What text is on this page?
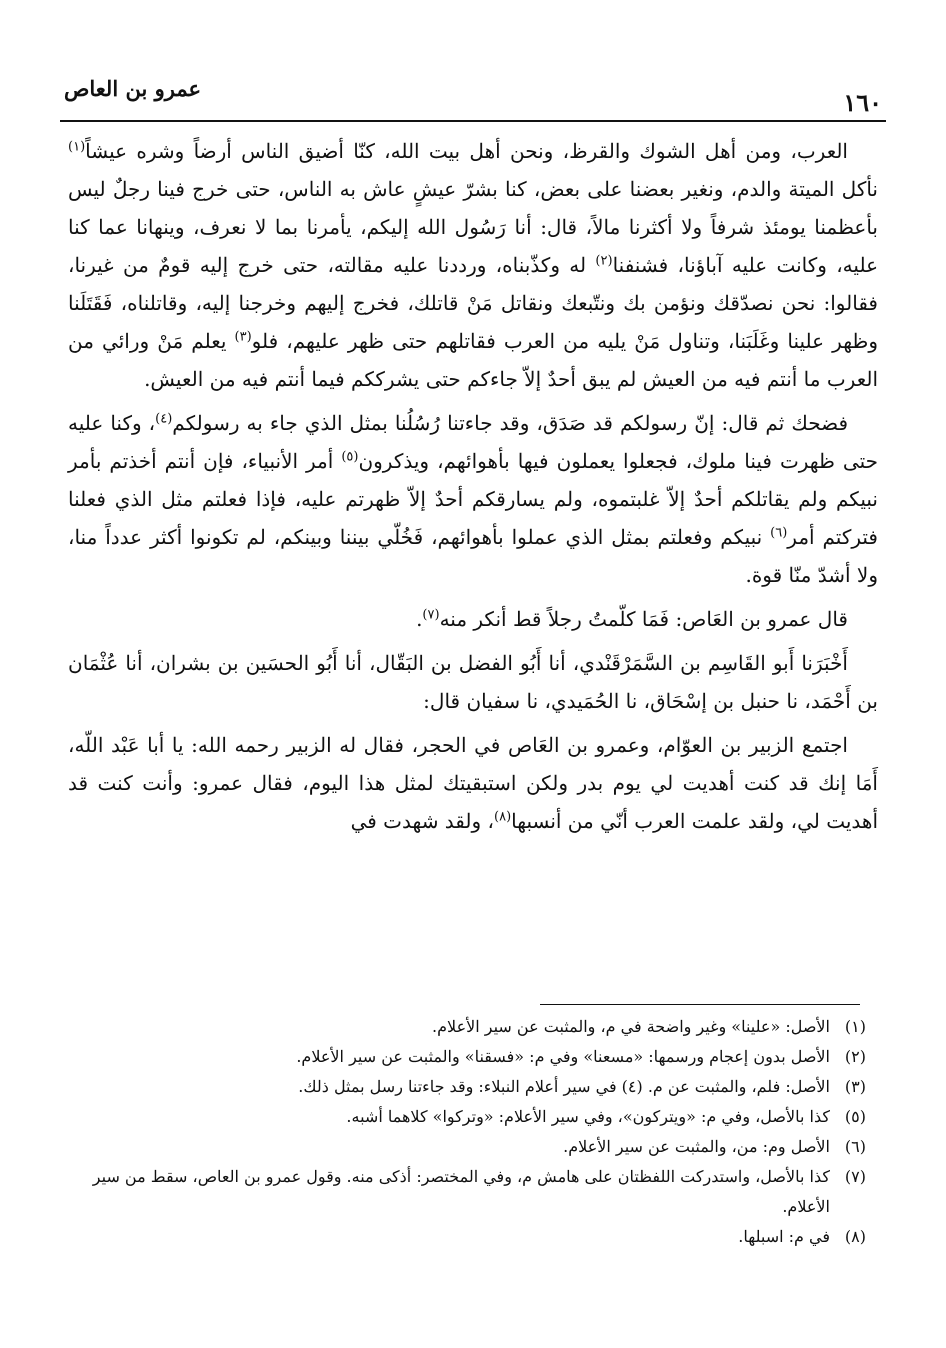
عمرو بن العاص	١٦٠

العرب، ومن أهل الشوك والقرظ، ونحن أهل بيت الله، كنّا أضيق الناس أرضاً وشره عيشاً$^{(١)}$ نأكل الميتة والدم، ونغير بعضنا على بعض، كنا بشرّ عيشٍ عاش به الناس، حتى خرج فينا رجلٌ ليس بأعظمنا يومئذ شرفاً ولا أكثرنا مالاً، قال: أنا رَسُول الله إليكم، يأمرنا بما لا نعرف، وينهانا عما كنا عليه، وكانت عليه آباؤنا، فشنفنا$^{(٢)}$ له وكذّبناه، ورددنا عليه مقالته، حتى خرج إليه قومٌ من غيرنا، فقالوا: نحن نصدّقك ونؤمن بك ونتّبعك ونقاتل مَنْ قاتلك، فخرج إليهم وخرجنا إليه، وقاتلناه، فَقَتَلَنا وظهر علينا وغَلَبَنا، وتناول مَنْ يليه من العرب فقاتلهم حتى ظهر عليهم، فلو$^{(٣)}$ يعلم مَنْ ورائي من العرب ما أنتم فيه من العيش لم يبق أحدٌ إلاّ جاءكم حتى يشرككم فيما أنتم فيه من العيش.

فضحك ثم قال: إنّ رسولكم قد صَدَق، وقد جاءتنا رُسُلُنا بمثل الذي جاء به رسولكم$^{(٤)}$، وكنا عليه حتى ظهرت فينا ملوك، فجعلوا يعملون فيها بأهوائهم، ويذكرون$^{(٥)}$ أمر الأنبياء، فإن أنتم أخذتم بأمر نبيكم ولم يقاتلكم أحدٌ إلاّ غلبتموه، ولم يسارقكم أحدٌ إلاّ ظهرتم عليه، فإذا فعلتم مثل الذي فعلنا فتركتم أمر$^{(٦)}$ نبيكم وفعلتم بمثل الذي عملوا بأهوائهم، فَخُلّي بيننا وبينكم، لم تكونوا أكثر عدداً منا، ولا أشدّ منّا قوة.

قال عمرو بن العَاص: فَمَا كلّمتُ رجلاً قط أنكر منه$^{(٧)}$.

أَخْبَرَنا أَبو القَاسِم بن السَّمَرْقَنْدي، أنا أَبُو الفضل بن البَقّال، أنا أَبُو الحسَين بن بشران، أنا عُثْمَان بن أَحْمَد، نا حنبل بن إسْحَاق، نا الحُمَيدي، نا سفيان قال:

اجتمع الزبير بن العوّام، وعمرو بن العَاص في الحجر، فقال له الزبير رحمه الله: يا أبا عَبْد اللّه، أَمَا إنك قد كنت أهديت لي يوم بدر ولكن استبقيتك لمثل هذا اليوم، فقال عمرو: وأنت كنت قد أهديت لي، ولقد علمت العرب أنّي من أنسبها$^{(٨)}$، ولقد شهدت في

(١)
الأصل: «علينا» وغير واضحة في م، والمثبت عن سير الأعلام.
(٢)
الأصل بدون إعجام ورسمها: «مسعنا» وفي م: «فسقنا» والمثبت عن سير الأعلام.
(٣)
الأصل: فلم، والمثبت عن م. (٤) في سير أعلام النبلاء: وقد جاءتنا رسل بمثل ذلك.
(٥)
كذا بالأصل، وفي م: «ويتركون»، وفي سير الأعلام: «وتركوا» كلاهما أشبه.
(٦)
الأصل وم: من، والمثبت عن سير الأعلام.
(٧)
كذا بالأصل، واستدركت اللفظتان على هامش م، وفي المختصر: أذكى منه. وقول عمرو بن العاص، سقط من سير الأعلام.
(٨)
في م: اسبلها.
